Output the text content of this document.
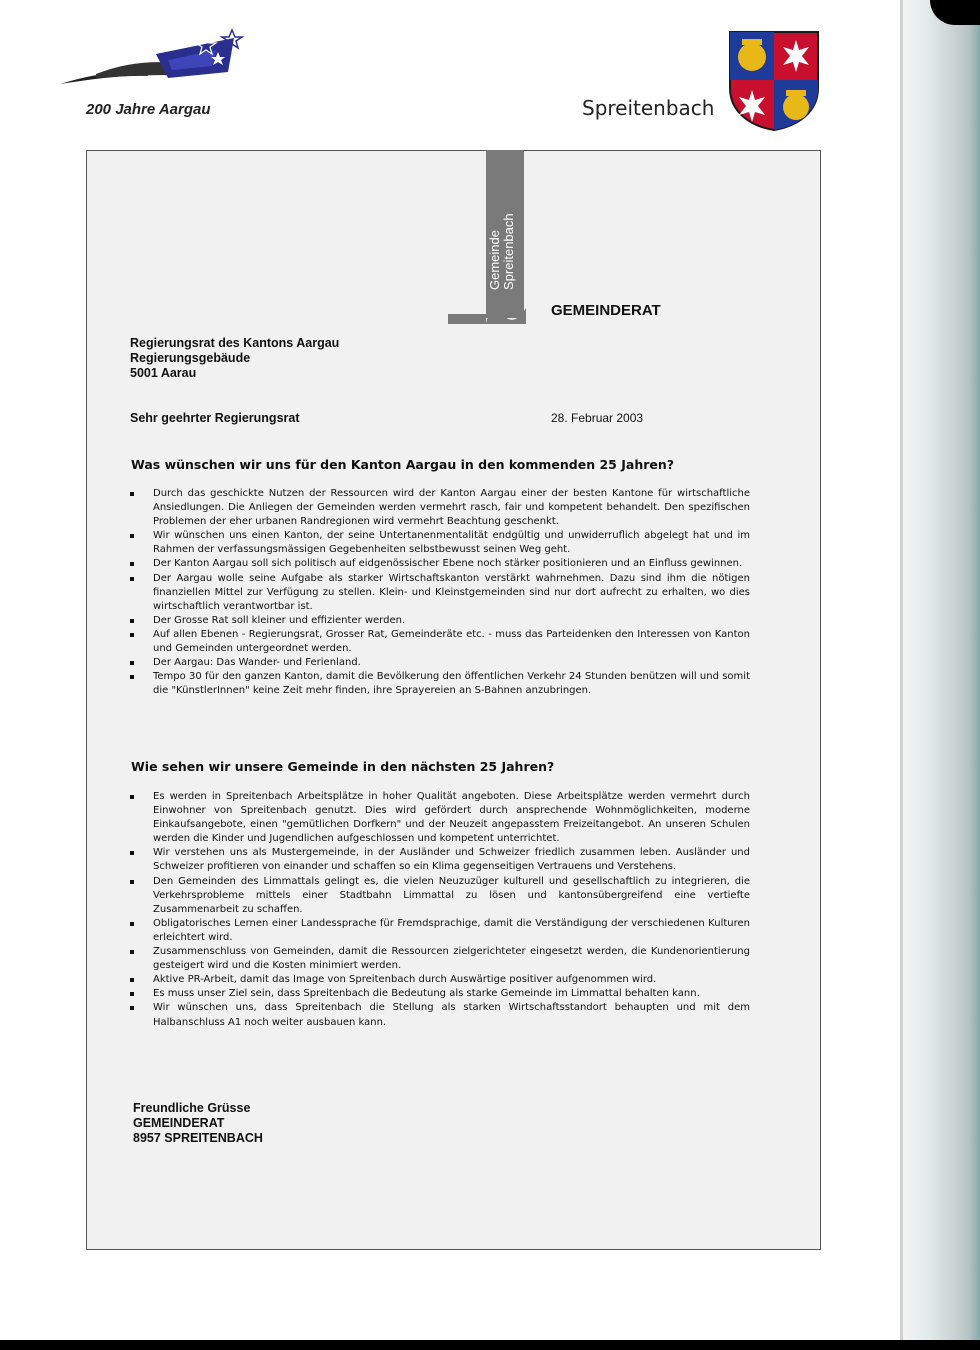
200 Jahre Aargau	Spreitenbach
Gemeinde Spreitenbach
GEMEINDERAT
Regierungsrat des Kantons Aargau
Regierungsgebäude
5001 Aarau
Sehr geehrter Regierungsrat	28. Februar 2003
Was wünschen wir uns für den Kanton Aargau in den kommenden 25 Jahren?
Durch das geschickte Nutzen der Ressourcen wird der Kanton Aargau einer der besten Kantone für wirtschaftliche Ansiedlungen. Die Anliegen der Gemeinden werden vermehrt rasch, fair und kompetent behandelt. Den spezifischen Problemen der eher urbanen Randregionen wird vermehrt Beachtung geschenkt.
Wir wünschen uns einen Kanton, der seine Untertanenmentalität endgültig und unwiderruflich abgelegt hat und im Rahmen der verfassungsmässigen Gegebenheiten selbstbewusst seinen Weg geht.
Der Kanton Aargau soll sich politisch auf eidgenössischer Ebene noch stärker positionieren und an Einfluss gewinnen.
Der Aargau wolle seine Aufgabe als starker Wirtschaftskanton verstärkt wahrnehmen. Dazu sind ihm die nötigen finanziellen Mittel zur Verfügung zu stellen. Klein- und Kleinstgemeinden sind nur dort aufrecht zu erhalten, wo dies wirtschaftlich verantwortbar ist.
Der Grosse Rat soll kleiner und effizienter werden.
Auf allen Ebenen - Regierungsrat, Grosser Rat, Gemeinderäte etc. - muss das Parteidenken den Interessen von Kanton und Gemeinden untergeordnet werden.
Der Aargau: Das Wander- und Ferienland.
Tempo 30 für den ganzen Kanton, damit die Bevölkerung den öffentlichen Verkehr 24 Stunden benützen will und somit die "KünstlerInnen" keine Zeit mehr finden, ihre Sprayereien an S-Bahnen anzubringen.
Wie sehen wir unsere Gemeinde in den nächsten 25 Jahren?
Es werden in Spreitenbach Arbeitsplätze in hoher Qualität angeboten. Diese Arbeitsplätze werden vermehrt durch Einwohner von Spreitenbach genutzt. Dies wird gefördert durch ansprechende Wohnmöglichkeiten, moderne Einkaufsangebote, einen "gemütlichen Dorfkern" und der Neuzeit angepasstem Freizeitangebot. An unseren Schulen werden die Kinder und Jugendlichen aufgeschlossen und kompetent unterrichtet.
Wir verstehen uns als Mustergemeinde, in der Ausländer und Schweizer friedlich zusammen leben. Ausländer und Schweizer profitieren von einander und schaffen so ein Klima gegenseitigen Vertrauens und Verstehens.
Den Gemeinden des Limmattals gelingt es, die vielen Neuzuzüger kulturell und gesellschaftlich zu integrieren, die Verkehrsprobleme mittels einer Stadtbahn Limmattal zu lösen und kantonsübergreifend eine vertiefte Zusammenarbeit zu schaffen.
Obligatorisches Lernen einer Landessprache für Fremdsprachige, damit die Verständigung der verschiedenen Kulturen erleichtert wird.
Zusammenschluss von Gemeinden, damit die Ressourcen zielgerichteter eingesetzt werden, die Kundenorientierung gesteigert wird und die Kosten minimiert werden.
Aktive PR-Arbeit, damit das Image von Spreitenbach durch Auswärtige positiver aufgenommen wird.
Es muss unser Ziel sein, dass Spreitenbach die Bedeutung als starke Gemeinde im Limmattal behalten kann.
Wir wünschen uns, dass Spreitenbach die Stellung als starken Wirtschaftsstandort behaupten und mit dem Halbanschluss A1 noch weiter ausbauen kann.
Freundliche Grüsse
GEMEINDERAT
8957 SPREITENBACH
